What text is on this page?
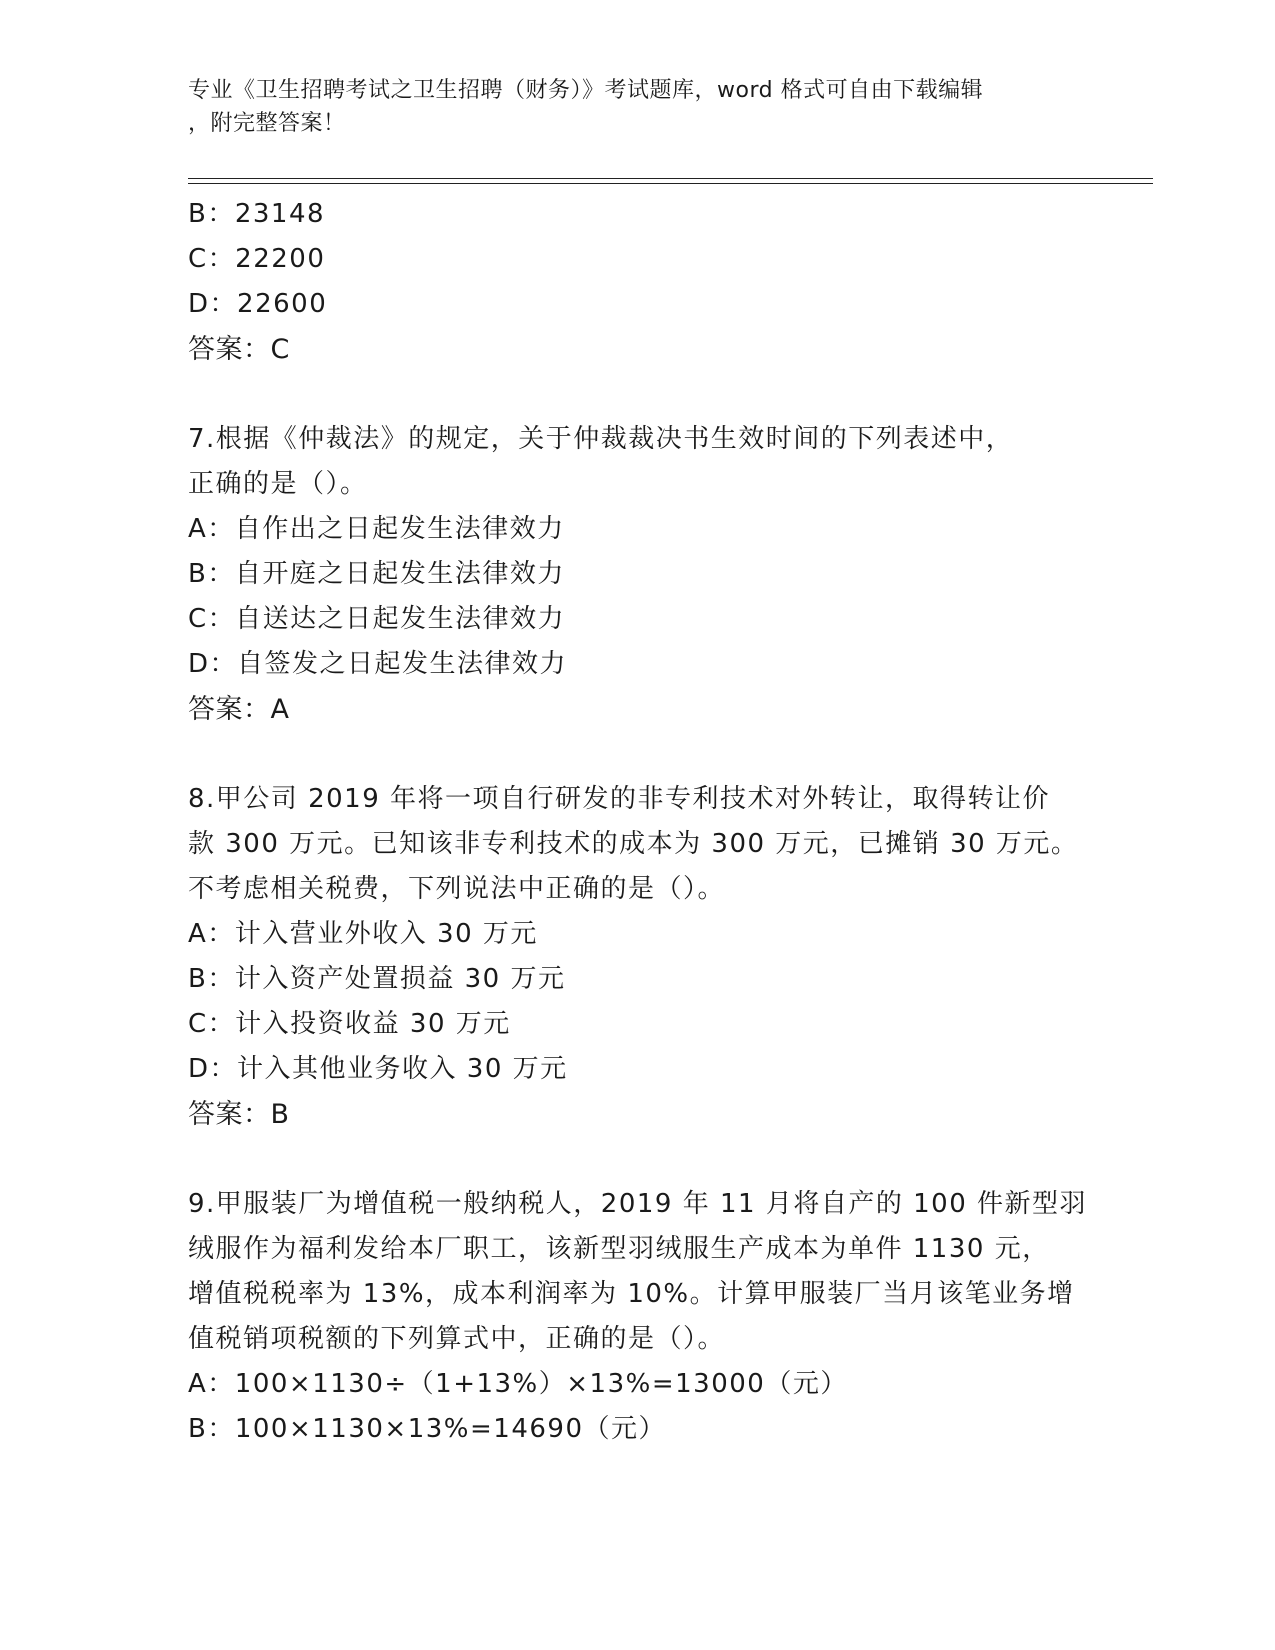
专业《卫生招聘考试之卫生招聘（财务）》考试题库，word 格式可自由下载编辑
，附完整答案！
B：23148
C：22200
D：22600
答案：C
7.根据《仲裁法》的规定，关于仲裁裁决书生效时间的下列表述中，
正确的是（）。
A：自作出之日起发生法律效力
B：自开庭之日起发生法律效力
C：自送达之日起发生法律效力
D：自签发之日起发生法律效力
答案：A
8.甲公司 2019 年将一项自行研发的非专利技术对外转让，取得转让价
款 300 万元。已知该非专利技术的成本为 300 万元，已摊销 30 万元。
不考虑相关税费，下列说法中正确的是（）。
A：计入营业外收入 30 万元
B：计入资产处置损益 30 万元
C：计入投资收益 30 万元
D：计入其他业务收入 30 万元
答案：B
9.甲服装厂为增值税一般纳税人，2019 年 11 月将自产的 100 件新型羽
绒服作为福利发给本厂职工，该新型羽绒服生产成本为单件 1130 元，
增值税税率为 13%，成本利润率为 10%。计算甲服装厂当月该笔业务增
值税销项税额的下列算式中，正确的是（）。
A：100×1130÷（1+13%）×13%=13000（元）
B：100×1130×13%=14690（元）
